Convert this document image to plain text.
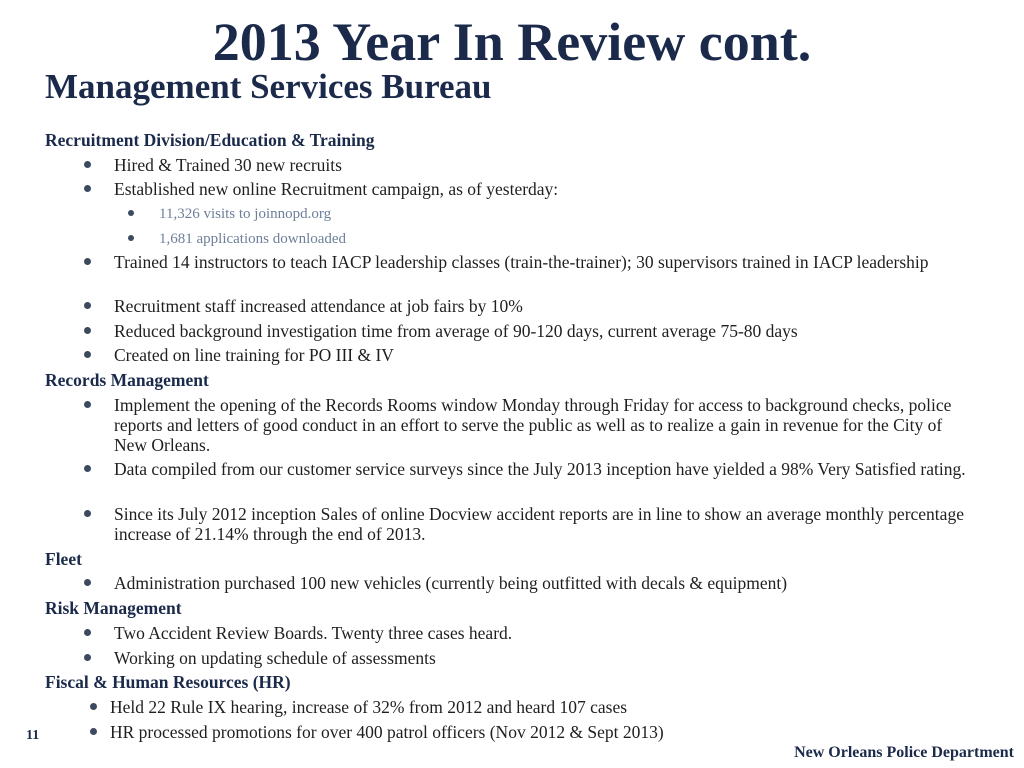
2013 Year In Review cont.
Management Services Bureau
Recruitment Division/Education & Training
Hired & Trained 30 new recruits
Established new online Recruitment campaign, as of yesterday:
11,326 visits to joinnopd.org
1,681 applications downloaded
Trained 14 instructors to teach IACP leadership classes (train-the-trainer); 30 supervisors trained in IACP leadership
Recruitment staff increased attendance at job fairs by 10%
Reduced background investigation time from average of 90-120 days, current average 75-80 days
Created on line training for PO III & IV
Records Management
Implement the opening of the Records Rooms window Monday through Friday for access to background checks, police reports and letters of good conduct in an effort to serve the public as well as to realize a gain in revenue for the City of New Orleans.
Data compiled from our customer service surveys since the July 2013 inception have yielded a 98% Very Satisfied rating.
Since its July 2012 inception Sales of online Docview accident reports are in line to show an average monthly percentage increase of 21.14% through the end of 2013.
Fleet
Administration purchased 100 new vehicles (currently being outfitted with decals & equipment)
Risk Management
Two Accident Review Boards. Twenty three cases heard.
Working on updating schedule of assessments
Fiscal & Human Resources (HR)
Held 22 Rule IX hearing, increase of 32% from 2012 and heard 107 cases
HR processed promotions for over 400 patrol officers (Nov 2012 & Sept 2013)
11
New Orleans Police Department
